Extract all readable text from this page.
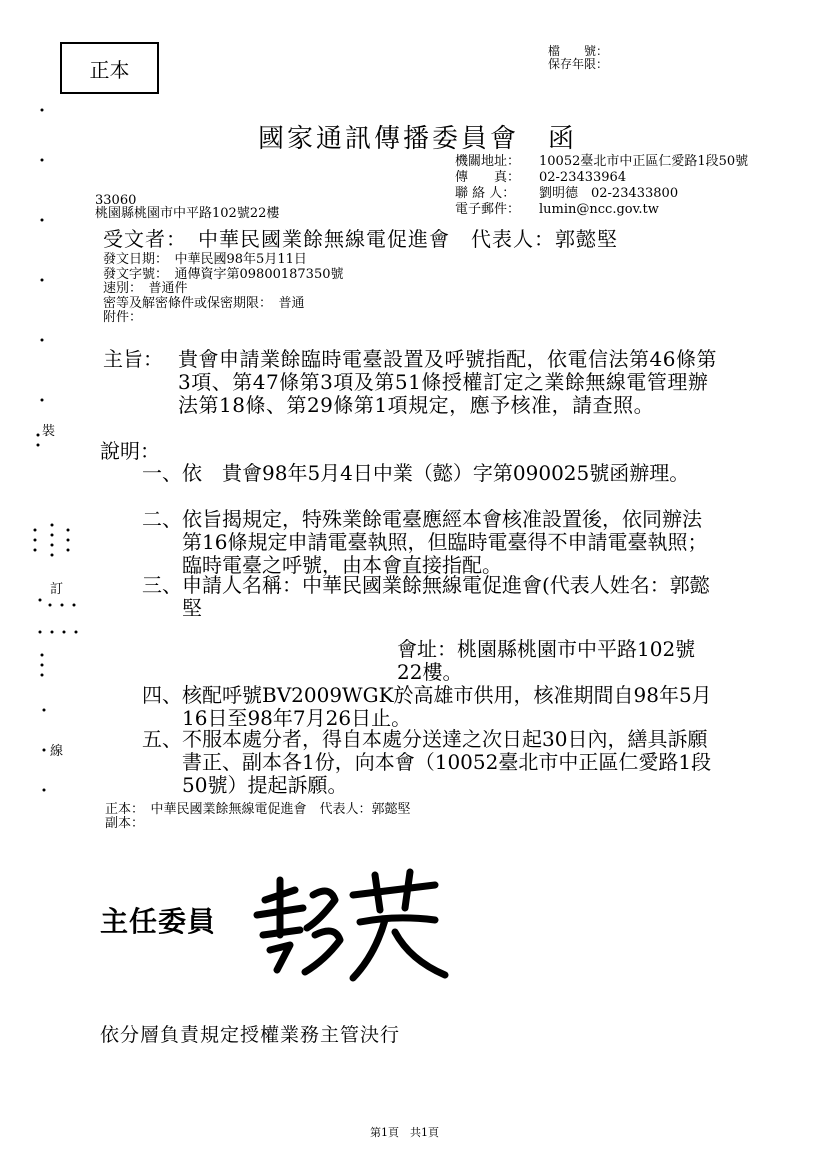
正本
檔　　號：
保存年限：
國家通訊傳播委員會　函
機關地址：	10052臺北市中正區仁愛路1段50號
傳　　真：	02-23433964
聯 絡 人：	劉明德　02-23433800
電子郵件：	lumin@ncc.gov.tw
33060
桃園縣桃園市中平路102號22樓
受文者：　中華民國業餘無線電促進會　代表人：郭懿堅
發文日期：　中華民國98年5月11日
發文字號：　通傳資字第09800187350號
速別：　普通件
密等及解密條件或保密期限：　普通
附件：
主旨： 貴會申請業餘臨時電臺設置及呼號指配，依電信法第46條第3項、第47條第3項及第51條授權訂定之業餘無線電管理辦法第18條、第29條第1項規定，應予核准，請查照。
說明：
一、 依　貴會98年5月4日中業（懿）字第090025號函辦理。
二、 依旨揭規定，特殊業餘電臺應經本會核准設置後，依同辦法第16條規定申請電臺執照，但臨時電臺得不申請電臺執照；臨時電臺之呼號，由本會直接指配。
三、 申請人名稱：中華民國業餘無線電促進會(代表人姓名：郭懿堅
會址：桃園縣桃園市中平路102號22樓。
四、 核配呼號BV2009WGK於高雄市供用，核准期間自98年5月16日至98年7月26日止。
五、 不服本處分者，得自本處分送達之次日起30日內，繕具訴願書正、副本各1份，向本會（10052臺北市中正區仁愛路1段50號）提起訴願。
正本：　中華民國業餘無線電促進會　代表人：郭懿堅
副本：
主任委員
依分層負責規定授權業務主管決行
第1頁　共1頁
裝
訂
線
